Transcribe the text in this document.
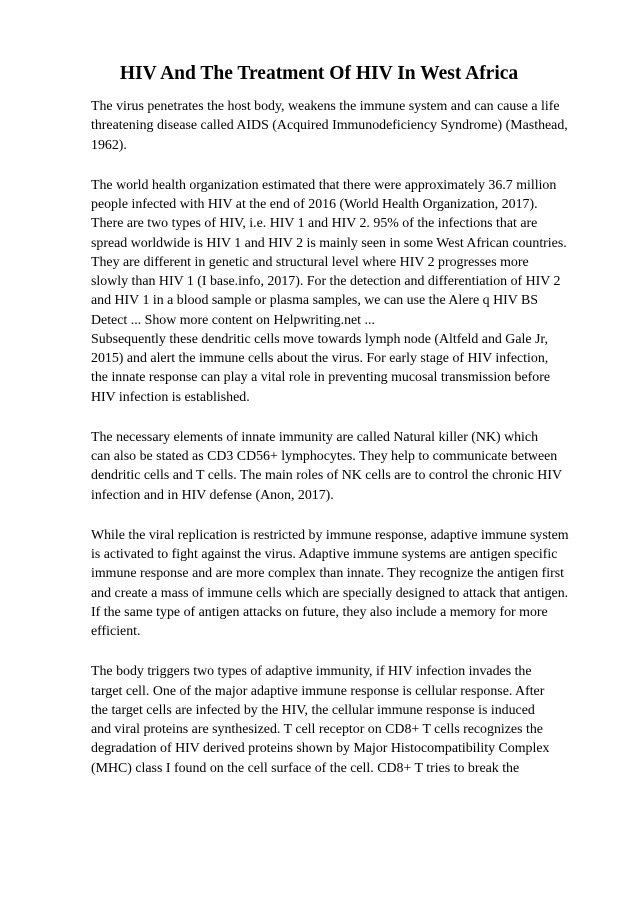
HIV And The Treatment Of HIV In West Africa

The virus penetrates the host body, weakens the immune system and can cause a life
threatening disease called AIDS (Acquired Immunodeficiency Syndrome) (Masthead,
1962).

The world health organization estimated that there were approximately 36.7 million
people infected with HIV at the end of 2016 (World Health Organization, 2017).
There are two types of HIV, i.e. HIV 1 and HIV 2. 95% of the infections that are
spread worldwide is HIV 1 and HIV 2 is mainly seen in some West African countries.
They are different in genetic and structural level where HIV 2 progresses more
slowly than HIV 1 (I base.info, 2017). For the detection and differentiation of HIV 2
and HIV 1 in a blood sample or plasma samples, we can use the Alere q HIV BS
Detect ... Show more content on Helpwriting.net ...

Subsequently these dendritic cells move towards lymph node (Altfeld and Gale Jr,
2015) and alert the immune cells about the virus. For early stage of HIV infection,
the innate response can play a vital role in preventing mucosal transmission before
HIV infection is established.

The necessary elements of innate immunity are called Natural killer (NK) which
can also be stated as CD3 CD56+ lymphocytes. They help to communicate between
dendritic cells and T cells. The main roles of NK cells are to control the chronic HIV
infection and in HIV defense (Anon, 2017).

While the viral replication is restricted by immune response, adaptive immune system
is activated to fight against the virus. Adaptive immune systems are antigen specific
immune response and are more complex than innate. They recognize the antigen first
and create a mass of immune cells which are specially designed to attack that antigen.
If the same type of antigen attacks on future, they also include a memory for more
efficient.

The body triggers two types of adaptive immunity, if HIV infection invades the
target cell. One of the major adaptive immune response is cellular response. After
the target cells are infected by the HIV, the cellular immune response is induced
and viral proteins are synthesized. T cell receptor on CD8+ T cells recognizes the
degradation of HIV derived proteins shown by Major Histocompatibility Complex
(MHC) class I found on the cell surface of the cell. CD8+ T tries to break the
